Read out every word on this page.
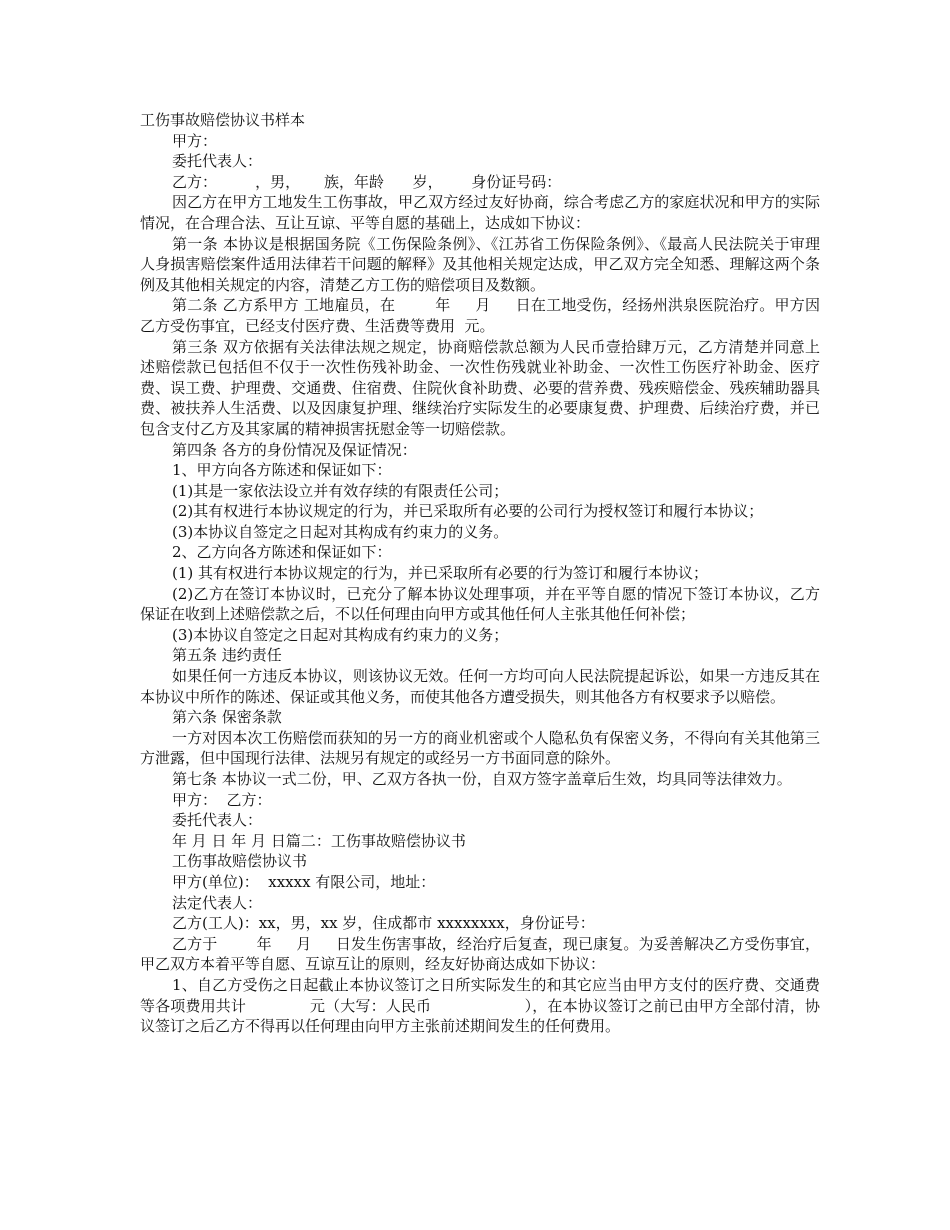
工伤事故赔偿协议书样本

甲方：

委托代表人：

乙方：        ，男，     族，年龄      岁，      身份证号码：

因乙方在甲方工地发生工伤事故，甲乙双方经过友好协商，综合考虑乙方的家庭状况和甲方的实际情况，在合理合法、互让互谅、平等自愿的基础上，达成如下协议：

第一条 本协议是根据国务院《工伤保险条例》、《江苏省工伤保险条例》、《最高人民法院关于审理人身损害赔偿案件适用法律若干问题的解释》及其他相关规定达成，甲乙双方完全知悉、理解这两个条例及其他相关规定的内容，清楚乙方工伤的赔偿项目及数额。

第二条 乙方系甲方 工地雇员，在        年     月     日在工地受伤，经扬州洪泉医院治疗。甲方因乙方受伤事宜，已经支付医疗费、生活费等费用  元。

第三条 双方依据有关法律法规之规定，协商赔偿款总额为人民币壹拾肆万元，乙方清楚并同意上述赔偿款已包括但不仅于一次性伤残补助金、一次性伤残就业补助金、一次性工伤医疗补助金、医疗费、误工费、护理费、交通费、住宿费、住院伙食补助费、必要的营养费、残疾赔偿金、残疾辅助器具费、被扶养人生活费、以及因康复护理、继续治疗实际发生的必要康复费、护理费、后续治疗费，并已包含支付乙方及其家属的精神损害抚慰金等一切赔偿款。

第四条 各方的身份情况及保证情况：

1、甲方向各方陈述和保证如下：

(1)其是一家依法设立并有效存续的有限责任公司；

(2)其有权进行本协议规定的行为，并已采取所有必要的公司行为授权签订和履行本协议；

(3)本协议自签定之日起对其构成有约束力的义务。

2、乙方向各方陈述和保证如下：

(1) 其有权进行本协议规定的行为，并已采取所有必要的行为签订和履行本协议；

(2)乙方在签订本协议时，已充分了解本协议处理事项，并在平等自愿的情况下签订本协议，乙方保证在收到上述赔偿款之后，不以任何理由向甲方或其他任何人主张其他任何补偿；

(3)本协议自签定之日起对其构成有约束力的义务；

第五条 违约责任

如果任何一方违反本协议，则该协议无效。任何一方均可向人民法院提起诉讼，如果一方违反其在本协议中所作的陈述、保证或其他义务，而使其他各方遭受损失，则其他各方有权要求予以赔偿。

第六条 保密条款

一方对因本次工伤赔偿而获知的另一方的商业机密或个人隐私负有保密义务，不得向有关其他第三方泄露，但中国现行法律、法规另有规定的或经另一方书面同意的除外。

第七条 本协议一式二份，甲、乙双方各执一份，自双方签字盖章后生效，均具同等法律效力。

甲方：  乙方：

委托代表人：

年 月 日 年 月 日篇二：工伤事故赔偿协议书

工伤事故赔偿协议书

甲方(单位)：  xxxxx 有限公司，地址：

法定代表人：

乙方(工人)：xx，男，xx 岁，住成都市 xxxxxxxx，身份证号：

乙方于        年     月     日发生伤害事故，经治疗后复查，现已康复。为妥善解决乙方受伤事宜，甲乙双方本着平等自愿、互谅互让的原则，经友好协商达成如下协议：

1、自乙方受伤之日起截止本协议签订之日所实际发生的和其它应当由甲方支付的医疗费、交通费等各项费用共计             元（大写：人民币                   ），在本协议签订之前已由甲方全部付清，协议签订之后乙方不得再以任何理由向甲方主张前述期间发生的任何费用。
